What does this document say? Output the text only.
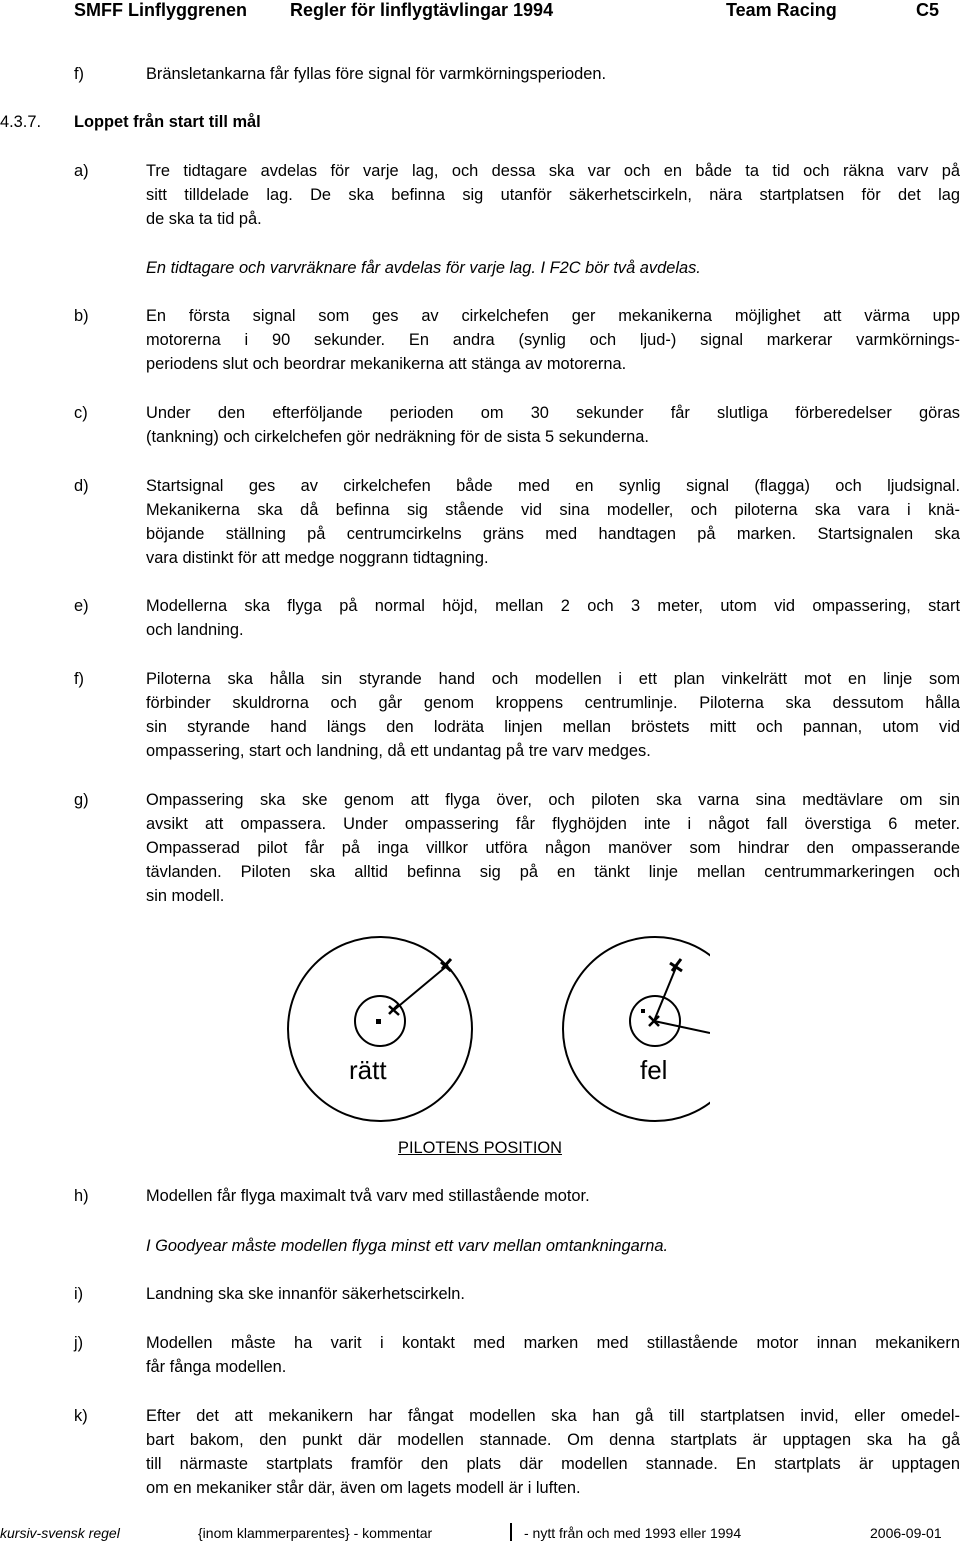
SMFF Linflyggrenen Regler för linflygtävlingar 1994	Team Racing	C5
f)	Bränsletankarna får fyllas före signal för varmkörningsperioden.
4.3.7. Loppet från start till mål
a)	Tre tidtagare avdelas för varje lag, och dessa ska var och en både ta tid och räkna varv på
sitt tilldelade lag. De ska befinna sig utanför säkerhetscirkeln, nära startplatsen för det lag
de ska ta tid på.
En tidtagare och varvräknare får avdelas för varje lag. I F2C bör två avdelas.
b)	En första signal som ges av cirkelchefen ger mekanikerna möjlighet att värma upp
motorerna i 90 sekunder. En andra (synlig och ljud-) signal markerar varmkörnings-
periodens slut och beordrar mekanikerna att stänga av motorerna.
c)	Under den efterföljande perioden om 30 sekunder får slutliga förberedelser göras
(tankning) och cirkelchefen gör nedräkning för de sista 5 sekunderna.
d)	Startsignal ges av cirkelchefen både med en synlig signal (flagga) och ljudsignal.
Mekanikerna ska då befinna sig stående vid sina modeller, och piloterna ska vara i knä-
böjande ställning på centrumcirkelns gräns med handtagen på marken. Startsignalen ska
vara distinkt för att medge noggrann tidtagning.
e)	Modellerna ska flyga på normal höjd, mellan 2 och 3 meter, utom vid ompassering, start
och landning.
f)	Piloterna ska hålla sin styrande hand och modellen i ett plan vinkelrätt mot en linje som
förbinder skuldrorna och går genom kroppens centrumlinje. Piloterna ska dessutom hålla
sin styrande hand längs den lodräta linjen mellan bröstets mitt och pannan, utom vid
ompassering, start och landning, då ett undantag på tre varv medges.
g)	Ompassering ska ske genom att flyga över, och piloten ska varna sina medtävlare om sin
avsikt att ompassera. Under ompassering får flyghöjden inte i något fall överstiga 6 meter.
Ompasserad pilot får på inga villkor utföra någon manöver som hindrar den ompasserande
tävlanden. Piloten ska alltid befinna sig på en tänkt linje mellan centrummarkeringen och
sin modell.
rätt	fel
PILOTENS POSITION
h)	Modellen får flyga maximalt två varv med stillastående motor.
I Goodyear måste modellen flyga minst ett varv mellan omtankningarna.
i)	Landning ska ske innanför säkerhetscirkeln.
j)	Modellen måste ha varit i kontakt med marken med stillastående motor innan mekanikern
får fånga modellen.
k)	Efter det att mekanikern har fångat modellen ska han gå till startplatsen invid, eller omedel-
bart bakom, den punkt där modellen stannade. Om denna startplats är upptagen ska ha gå
till närmaste startplats framför den plats där modellen stannade. En startplats är upptagen
om en mekaniker står där, även om lagets modell är i luften.
kursiv-svensk regel	{inom klammerparentes} - kommentar	- nytt från och med 1993 eller 1994	2006-09-01
